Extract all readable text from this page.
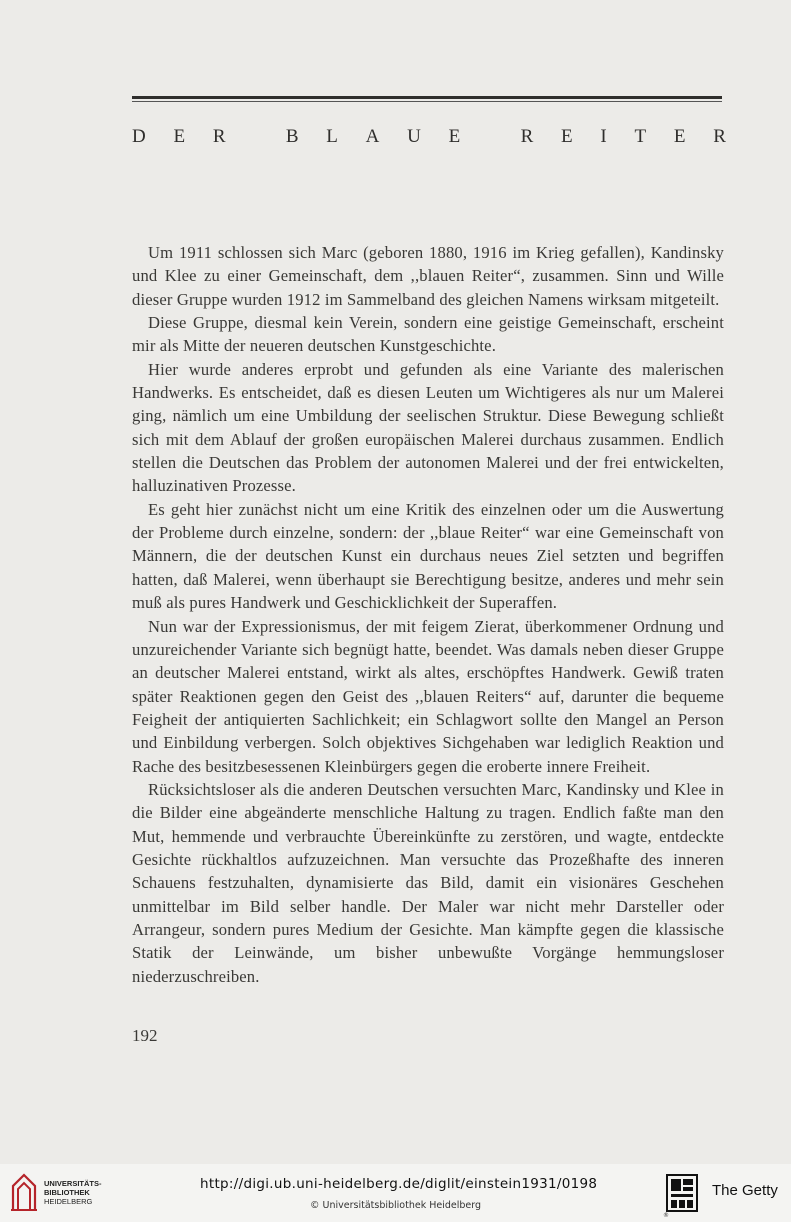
D E R
	B L A U E
	R E I T E R

Um 1911 schlossen sich Marc (geboren 1880, 1916 im Krieg gefallen), Kandinsky und Klee zu einer Gemeinschaft, dem ,,blauen Reiter“, zusammen. Sinn und Wille dieser Gruppe wurden 1912 im Sammelband des gleichen Namens wirksam mitgeteilt.

Diese Gruppe, diesmal kein Verein, sondern eine geistige Gemeinschaft, erscheint mir als Mitte der neueren deutschen Kunstgeschichte.

Hier wurde anderes erprobt und gefunden als eine Variante des malerischen Handwerks. Es entscheidet, daß es diesen Leuten um Wichtigeres als nur um Malerei ging, nämlich um eine Umbildung der seelischen Struktur. Diese Bewegung schließt sich mit dem Ablauf der großen europäischen Malerei durchaus zusammen. Endlich stellen die Deutschen das Problem der autonomen Malerei und der frei entwickelten, halluzinativen Prozesse.

Es geht hier zunächst nicht um eine Kritik des einzelnen oder um die Auswertung der Probleme durch einzelne, sondern: der ,,blaue Reiter“ war eine Gemeinschaft von Männern, die der deutschen Kunst ein durchaus neues Ziel setzten und begriffen hatten, daß Malerei, wenn überhaupt sie Berechtigung besitze, anderes und mehr sein muß als pures Handwerk und Geschicklichkeit der Superaffen.

Nun war der Expressionismus, der mit feigem Zierat, überkommener Ordnung und unzureichender Variante sich begnügt hatte, beendet. Was damals neben dieser Gruppe an deutscher Malerei entstand, wirkt als altes, erschöpftes Handwerk. Gewiß traten später Reaktionen gegen den Geist des ,,blauen Reiters“ auf, darunter die bequeme Feigheit der antiquierten Sachlichkeit; ein Schlagwort sollte den Mangel an Person und Einbildung verbergen. Solch objektives Sichgehaben war lediglich Reaktion und Rache des besitzbesessenen Kleinbürgers gegen die eroberte innere Freiheit.

Rücksichtsloser als die anderen Deutschen versuchten Marc, Kandinsky und Klee in die Bilder eine abgeänderte menschliche Haltung zu tragen. Endlich faßte man den Mut, hemmende und verbrauchte Übereinkünfte zu zerstören, und wagte, entdeckte Gesichte rückhaltlos aufzuzeichnen. Man versuchte das Prozeßhafte des inneren Schauens festzuhalten, dynamisierte das Bild, damit ein visionäres Geschehen unmittelbar im Bild selber handle. Der Maler war nicht mehr Darsteller oder Arrangeur, sondern pures Medium der Gesichte. Man kämpfte gegen die klassische Statik der Leinwände, um bisher unbewußte Vorgänge hemmungsloser niederzuschreiben.

192
UNIVERSITÄTS-
BIBLIOTHEK
HEIDELBERG
http://digi.ub.uni-heidelberg.de/diglit/einstein1931/0198
© Universitätsbibliothek Heidelberg
®
The Getty
